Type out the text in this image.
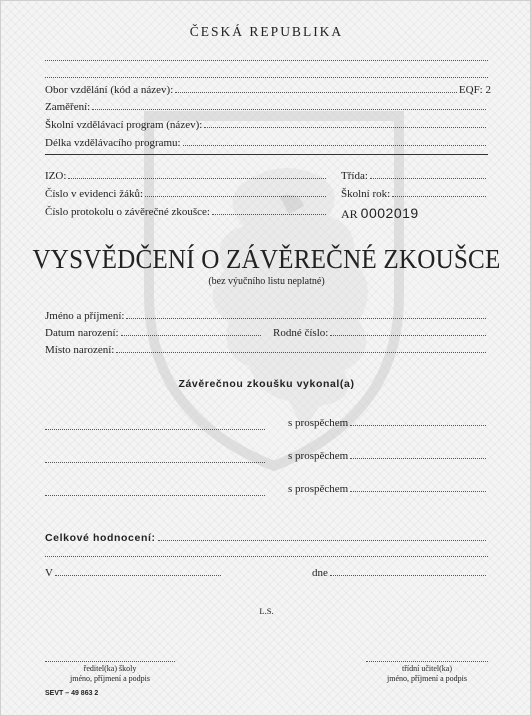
ČESKÁ REPUBLIKA
Obor vzdělání (kód a název):	EQF: 2
Zaměření:
Školní vzdělávací program (název):
Délka vzdělávacího programu:
IZO:	Třída:
Číslo v evidenci žáků:	Školní rok:
Číslo protokolu o závěrečné zkoušce:	AR 0002019
VYSVĚDČENÍ O ZÁVĚREČNÉ ZKOUŠCE
(bez výučního listu neplatné)
Jméno a příjmení:
Datum narození:	Rodné číslo:
Místo narození:
Závěrečnou zkoušku vykonal(a)
s prospěchem
s prospěchem
s prospěchem
Celkové hodnocení:
V	dne
L.S.
ředitel(ka) školy
jméno, příjmení a podpis
třídní učitel(ka)
jméno, příjmení a podpis
SEVT – 49 863 2
